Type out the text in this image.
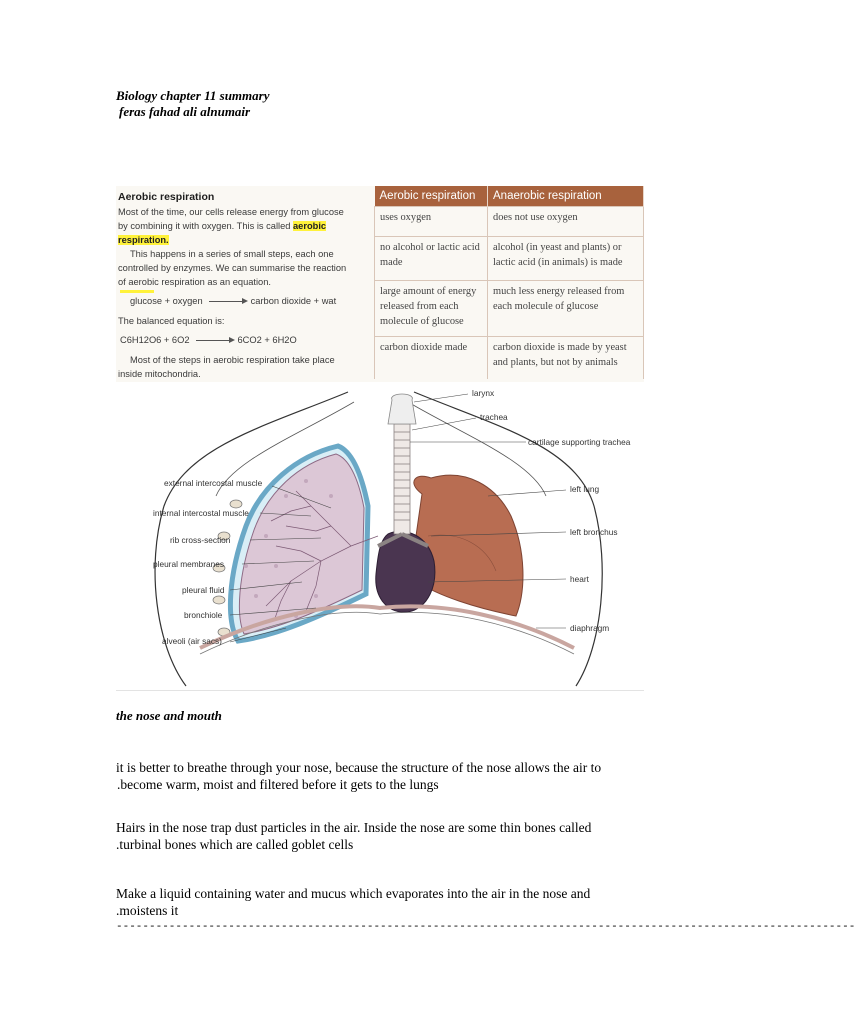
Biology chapter 11 summary
feras fahad ali alnumair
Aerobic respiration
Most of the time, our cells release energy from glucose
by combining it with oxygen. This is called aerobic
respiration.
This happens in a series of small steps, each one
controlled by enzymes. We can summarise the reaction
of aerobic respiration as an equation.
glucose + oxygen	carbon dioxide + wat
The balanced equation is:
C6H12O6 + 6O2	6CO2 + 6H2O
Most of the steps in aerobic respiration take place
inside mitochondria.
Aerobic respiration	Anaerobic respiration
uses oxygen	does not use oxygen
no alcohol or lactic acid made	alcohol (in yeast and plants) or lactic acid (in animals) is made
large amount of energy released from each molecule of glucose	much less energy released from each molecule of glucose
carbon dioxide made	carbon dioxide is made by yeast and plants, but not by animals
larynx
trachea
cartilage supporting trachea
external intercostal muscle
internal intercostal muscle
rib cross-section
pleural membranes
pleural fluid
bronchiole
alveoli (air sacs)
left lung
left bronchus
heart
diaphragm
the nose and mouth
it is better to breathe through your nose, because the structure of the nose allows the air to
.become warm, moist and filtered before it gets to the lungs
Hairs in the nose trap dust particles in the air. Inside the nose are some thin bones called
.turbinal bones which are called goblet cells
Make a liquid containing water and mucus which evaporates into the air in the nose and
.moistens it
----------------------------------------------------------------------------------------------------------------
